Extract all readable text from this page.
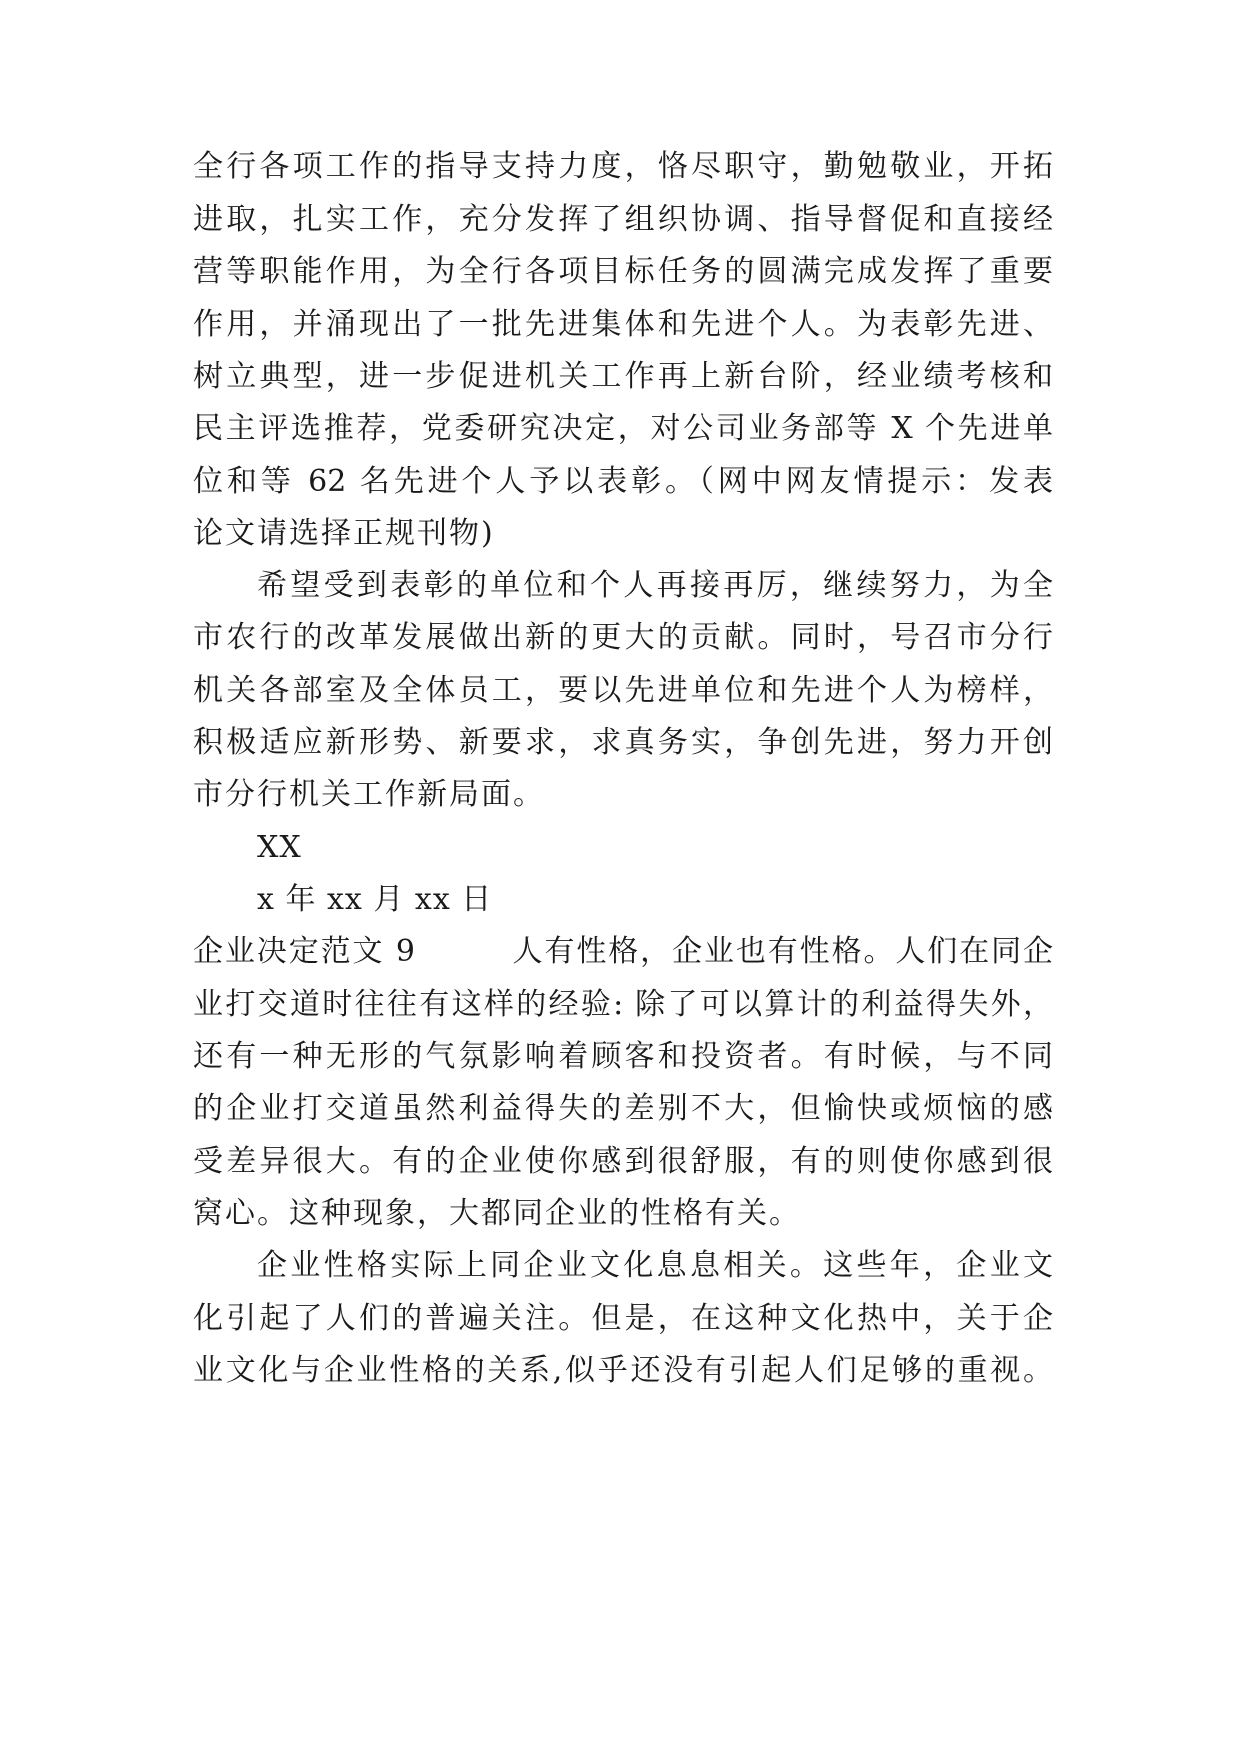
全行各项工作的指导支持力度，恪尽职守，勤勉敬业，开拓
进取，扎实工作，充分发挥了组织协调、指导督促和直接经
营等职能作用，为全行各项目标任务的圆满完成发挥了重要
作用，并涌现出了一批先进集体和先进个人。为表彰先进、
树立典型，进一步促进机关工作再上新台阶，经业绩考核和
民主评选推荐，党委研究决定，对公司业务部等 X 个先进单
位和等 62 名先进个人予以表彰。（网中网友情提示：发表
论文请选择正规刊物)
希望受到表彰的单位和个人再接再厉，继续努力，为全
市农行的改革发展做出新的更大的贡献。同时，号召市分行
机关各部室及全体员工，要以先进单位和先进个人为榜样，
积极适应新形势、新要求，求真务实，争创先进，努力开创
市分行机关工作新局面。
XX
x 年 xx 月 xx 日
企业决定范文 9　　　人有性格，企业也有性格。人们在同企
业打交道时往往有这样的经验: 除了可以算计的利益得失外，
还有一种无形的气氛影响着顾客和投资者。有时候，与不同
的企业打交道虽然利益得失的差别不大，但愉快或烦恼的感
受差异很大。有的企业使你感到很舒服，有的则使你感到很
窝心。这种现象，大都同企业的性格有关。
企业性格实际上同企业文化息息相关。这些年，企业文
化引起了人们的普遍关注。但是，在这种文化热中，关于企
业文化与企业性格的关系,似乎还没有引起人们足够的重视。
